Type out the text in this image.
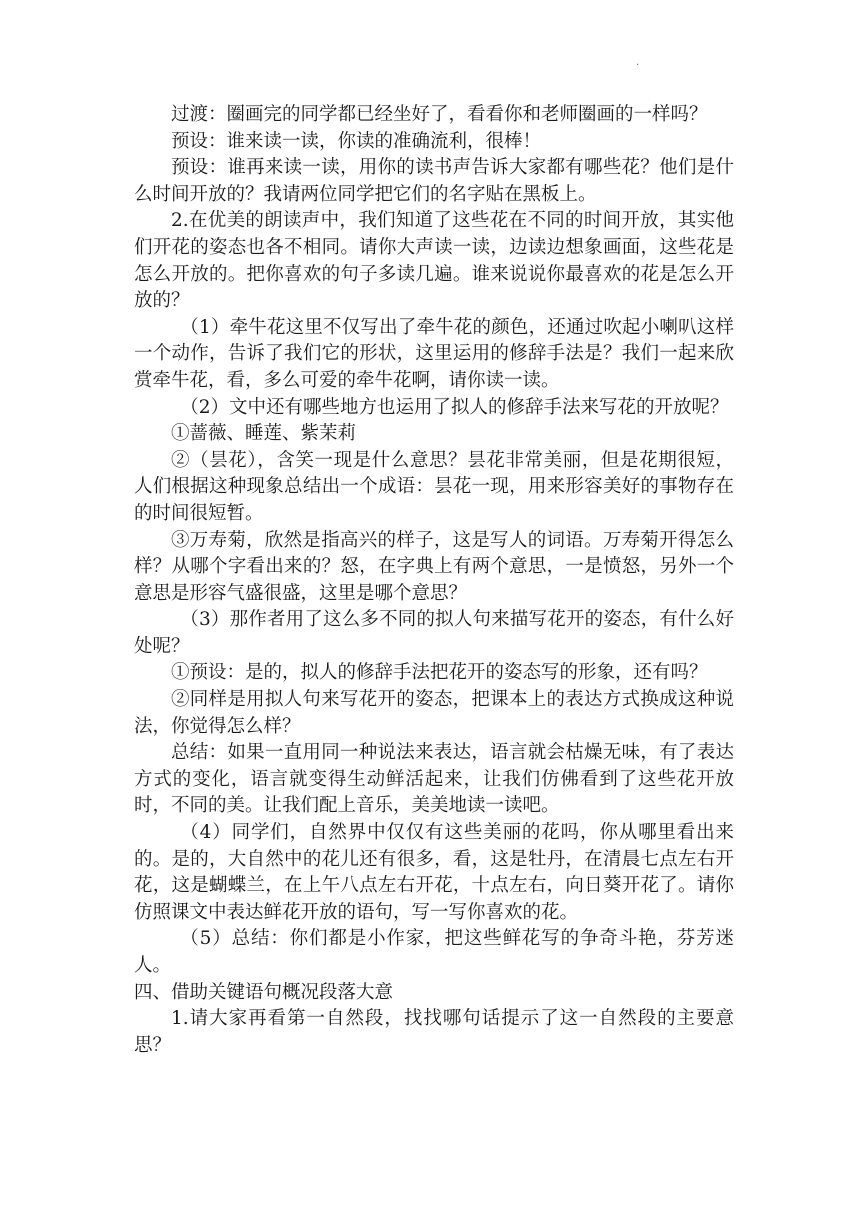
.

过渡：圈画完的同学都已经坐好了，看看你和老师圈画的一样吗？

预设：谁来读一读，你读的准确流利，很棒！

预设：谁再来读一读，用你的读书声告诉大家都有哪些花？他们是什么时间开放的？我请两位同学把它们的名字贴在黑板上。

2.在优美的朗读声中，我们知道了这些花在不同的时间开放，其实他们开花的姿态也各不相同。请你大声读一读，边读边想象画面，这些花是怎么开放的。把你喜欢的句子多读几遍。谁来说说你最喜欢的花是怎么开放的？

（1）牵牛花这里不仅写出了牵牛花的颜色，还通过吹起小喇叭这样一个动作，告诉了我们它的形状，这里运用的修辞手法是？我们一起来欣赏牵牛花，看，多么可爱的牵牛花啊，请你读一读。

（2）文中还有哪些地方也运用了拟人的修辞手法来写花的开放呢？

①蔷薇、睡莲、紫茉莉

②（昙花），含笑一现是什么意思？昙花非常美丽，但是花期很短，人们根据这种现象总结出一个成语：昙花一现，用来形容美好的事物存在的时间很短暂。

③万寿菊，欣然是指高兴的样子，这是写人的词语。万寿菊开得怎么样？从哪个字看出来的？怒，在字典上有两个意思，一是愤怒，另外一个意思是形容气盛很盛，这里是哪个意思？

（3）那作者用了这么多不同的拟人句来描写花开的姿态，有什么好处呢？

①预设：是的，拟人的修辞手法把花开的姿态写的形象，还有吗？

②同样是用拟人句来写花开的姿态，把课本上的表达方式换成这种说法，你觉得怎么样？

总结：如果一直用同一种说法来表达，语言就会枯燥无味，有了表达方式的变化，语言就变得生动鲜活起来，让我们仿佛看到了这些花开放时，不同的美。让我们配上音乐，美美地读一读吧。

（4）同学们，自然界中仅仅有这些美丽的花吗，你从哪里看出来的。是的，大自然中的花儿还有很多，看，这是牡丹，在清晨七点左右开花，这是蝴蝶兰，在上午八点左右开花，十点左右，向日葵开花了。请你仿照课文中表达鲜花开放的语句，写一写你喜欢的花。

（5）总结：你们都是小作家，把这些鲜花写的争奇斗艳，芬芳迷人。

四、借助关键语句概况段落大意

1.请大家再看第一自然段，找找哪句话提示了这一自然段的主要意思？
